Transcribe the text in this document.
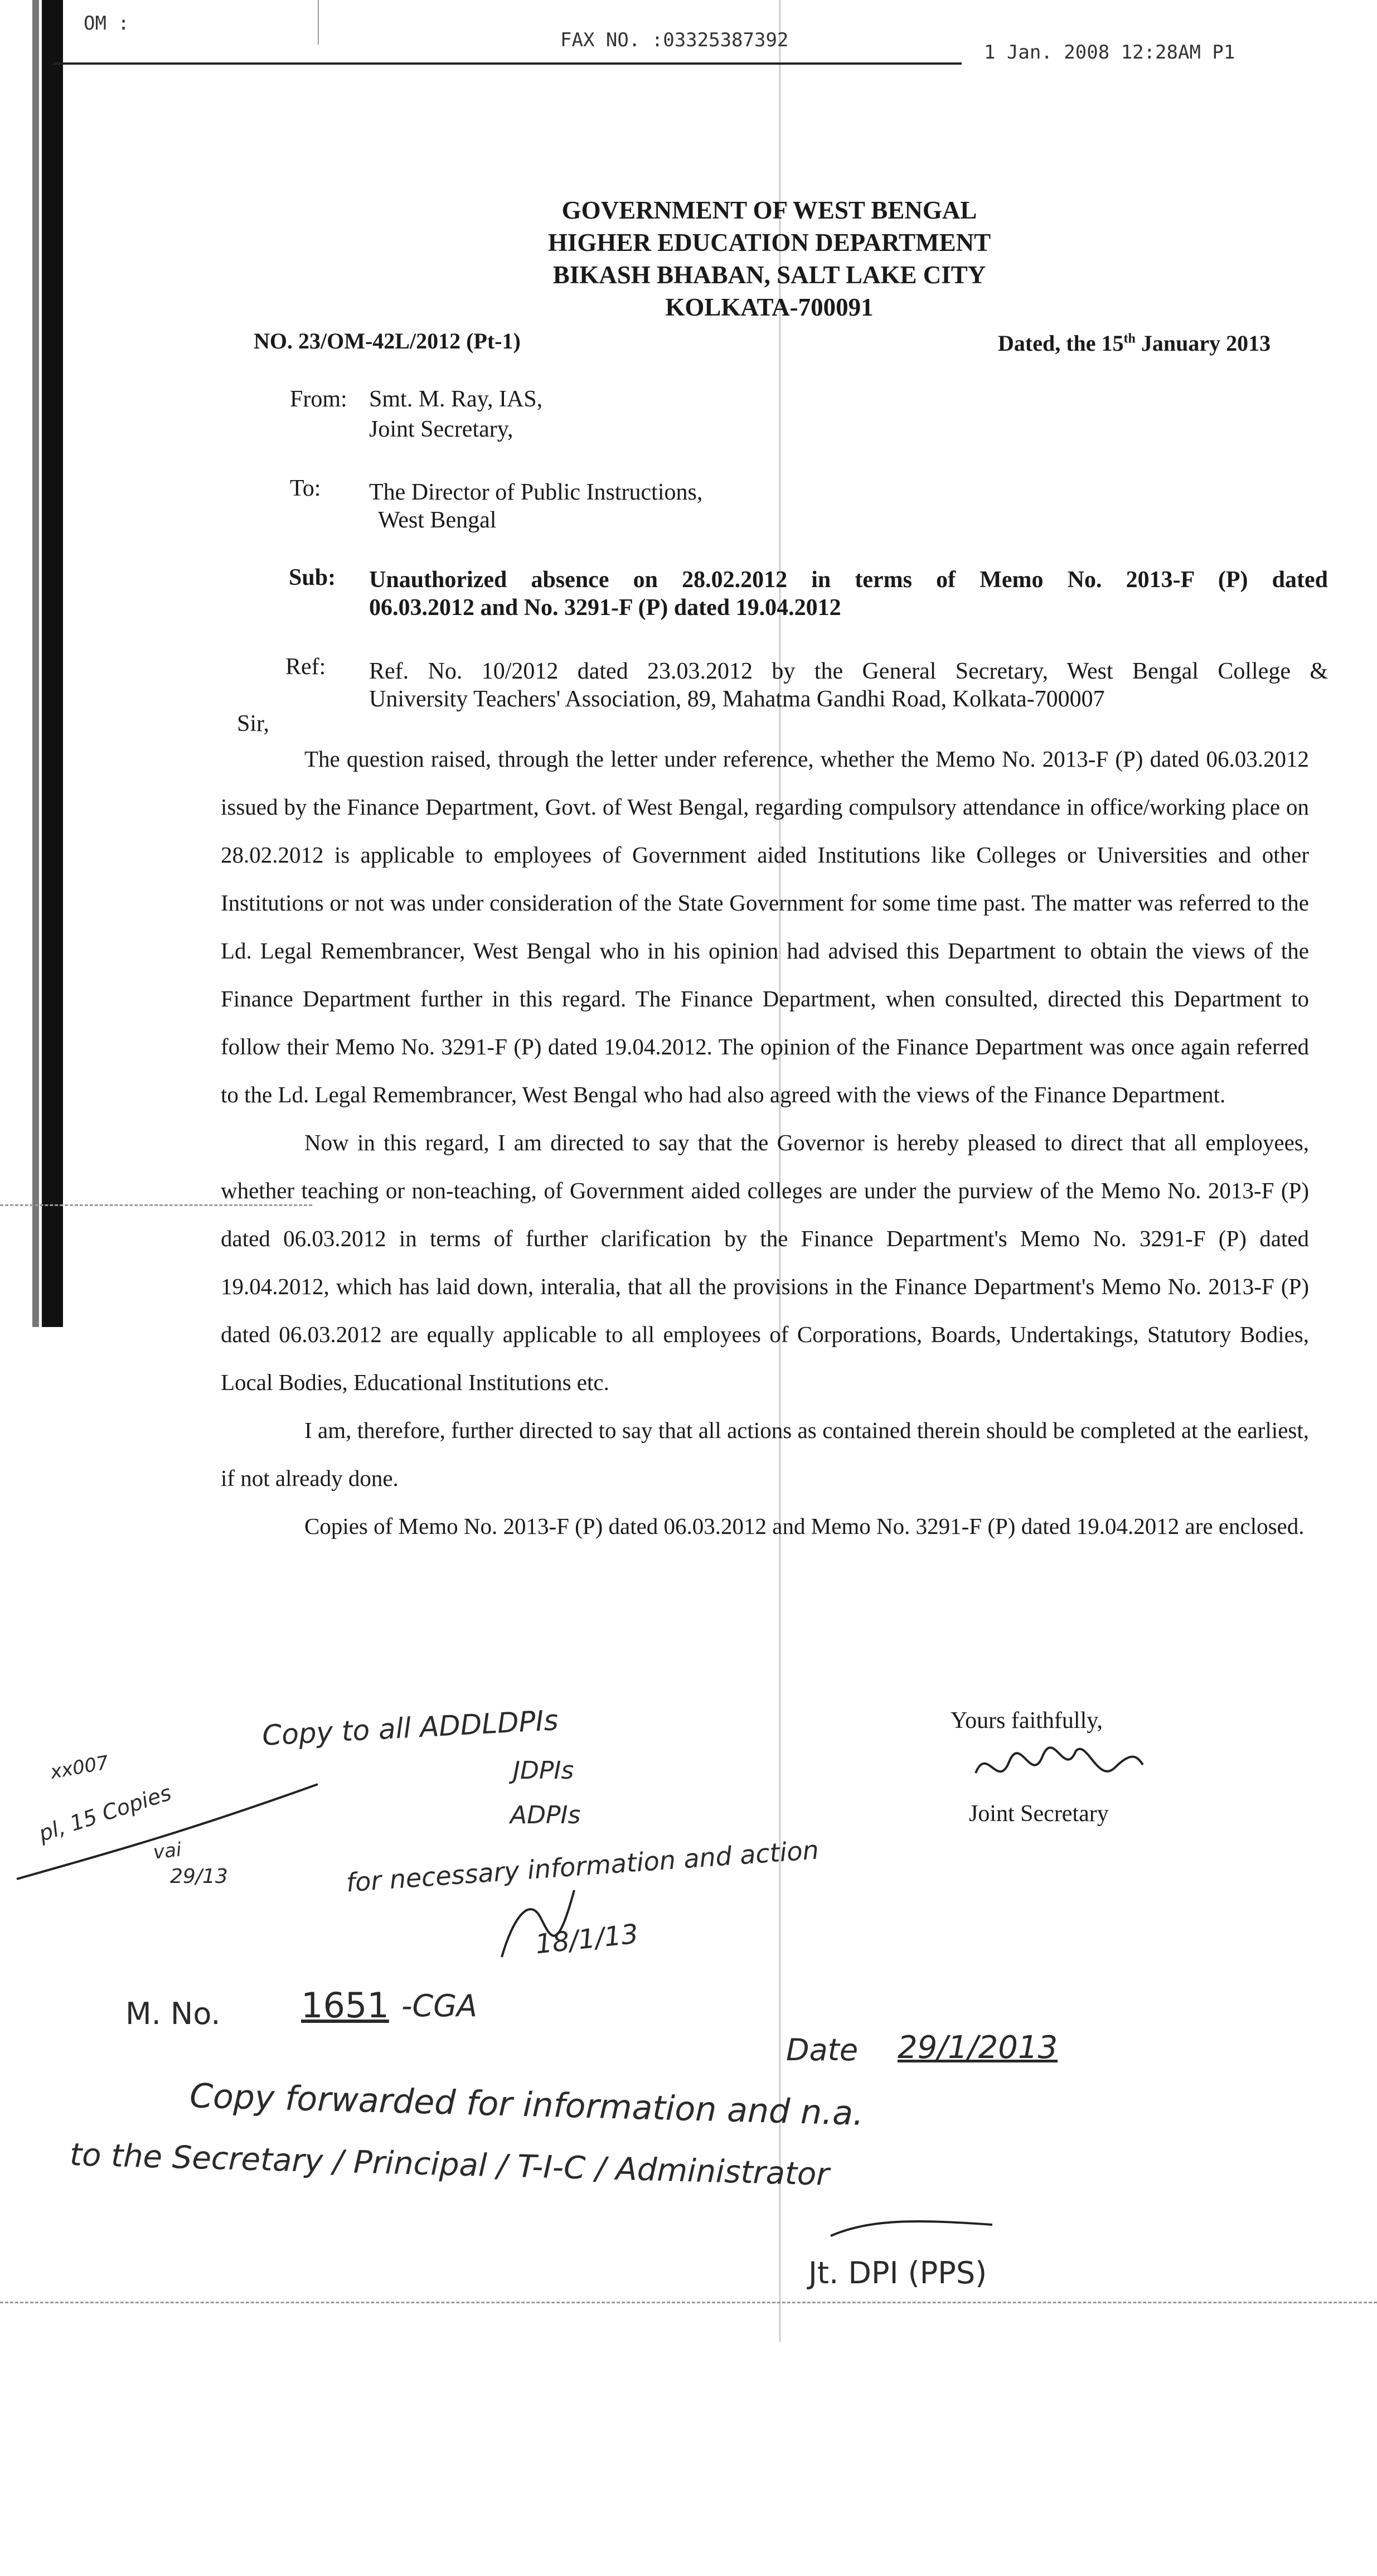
OM :
FAX NO. :03325387392
1 Jan. 2008 12:28AM P1
GOVERNMENT OF WEST BENGAL
HIGHER EDUCATION DEPARTMENT
BIKASH BHABAN, SALT LAKE CITY
KOLKATA-700091
NO. 23/OM-42L/2012 (Pt-1)	Dated, the 15th January 2013
From: Smt. M. Ray, IAS,
Joint Secretary,
To: The Director of Public Instructions,
West Bengal
Sub: Unauthorized absence on 28.02.2012 in terms of Memo No. 2013-F (P) dated
06.03.2012 and No. 3291-F (P) dated 19.04.2012
Ref: Ref. No. 10/2012 dated 23.03.2012 by the General Secretary, West Bengal College &
University Teachers' Association, 89, Mahatma Gandhi Road, Kolkata-700007
Sir,

The question raised, through the letter under reference, whether the Memo No. 2013-F (P) dated 06.03.2012 issued by the Finance Department, Govt. of West Bengal, regarding compulsory attendance in office/working place on 28.02.2012 is applicable to employees of Government aided Institutions like Colleges or Universities and other Institutions or not was under consideration of the State Government for some time past. The matter was referred to the Ld. Legal Remembrancer, West Bengal who in his opinion had advised this Department to obtain the views of the Finance Department further in this regard. The Finance Department, when consulted, directed this Department to follow their Memo No. 3291-F (P) dated 19.04.2012. The opinion of the Finance Department was once again referred to the Ld. Legal Remembrancer, West Bengal who had also agreed with the views of the Finance Department.

Now in this regard, I am directed to say that the Governor is hereby pleased to direct that all employees, whether teaching or non-teaching, of Government aided colleges are under the purview of the Memo No. 2013-F (P) dated 06.03.2012 in terms of further clarification by the Finance Department's Memo No. 3291-F (P) dated 19.04.2012, which has laid down, interalia, that all the provisions in the Finance Department's Memo No. 2013-F (P) dated 06.03.2012 are equally applicable to all employees of Corporations, Boards, Undertakings, Statutory Bodies, Local Bodies, Educational Institutions etc.

I am, therefore, further directed to say that all actions as contained therein should be completed at the earliest, if not already done.

Copies of Memo No. 2013-F (P) dated 06.03.2012 and Memo No. 3291-F (P) dated 19.04.2012 are enclosed.

Yours faithfully,
Joint Secretary
xx007
pl, 15 Copies
vai
29/13
Copy to all ADDLDPIs
JDPIs
ADPIs
for necessary information and action
18/1/13
M. No. 1651 -CGA
Date 29/1/2013
Copy forwarded for information and n.a.
to the Secretary / Principal / T-I-C / Administrator
Jt. DPI (PPS)
